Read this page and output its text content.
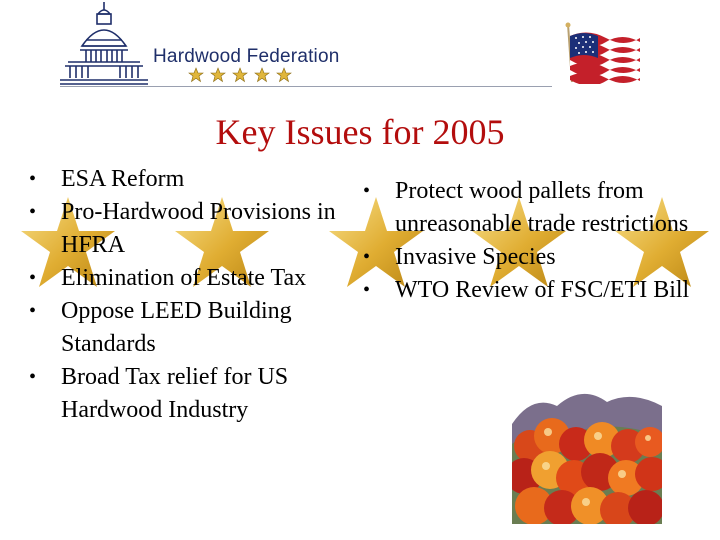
Hardwood Federation
Key Issues for 2005
• ESA Reform
• Pro-Hardwood Provisions in HFRA
• Elimination of Estate Tax
• Oppose LEED Building Standards
• Broad Tax relief for US Hardwood Industry
• Protect wood pallets from unreasonable trade restrictions
• Invasive Species
• WTO Review of FSC/ETI Bill
